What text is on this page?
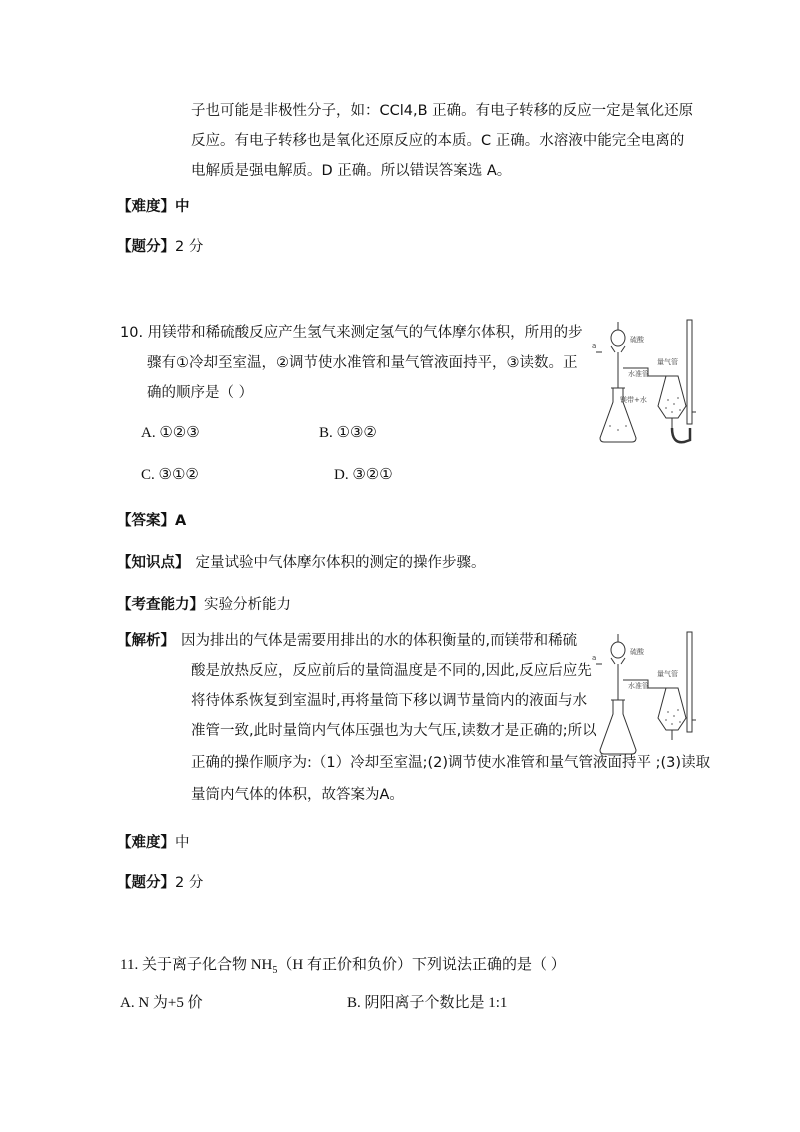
子也可能是非极性分子，如：CCl4,B 正确。有电子转移的反应一定是氧化还原
反应。有电子转移也是氧化还原反应的本质。C 正确。水溶液中能完全电离的
电解质是强电解质。D 正确。所以错误答案选 A。
【难度】中
【题分】2 分
10. 用镁带和稀硫酸反应产生氢气来测定氢气的气体摩尔体积，所用的步
骤有①冷却至室温，②调节使水准管和量气管液面持平，③读数。正
确的顺序是（ ）
A. ①②③	B. ①③②
C. ③①②	D. ③②①
【答案】A
【知识点】 定量试验中气体摩尔体积的测定的操作步骤。
【考查能力】实验分析能力
【解析】 因为排出的气体是需要用排出的水的体积衡量的,而镁带和稀硫
酸是放热反应，反应前后的量筒温度是不同的,因此,反应后应先
将待体系恢复到室温时,再将量筒下移以调节量筒内的液面与水
准管一致,此时量筒内气体压强也为大气压,读数才是正确的;所以
正确的操作顺序为:（1）冷却至室温;(2)调节使水准管和量气管液面持平 ;(3)读取
量筒内气体的体积，故答案为A。
【难度】中
【题分】2 分
11. 关于离子化合物 $NH_5(H$ 有正价和负价）下列说法正确的是（ ）
A. N 为+5 价	B. 阴阳离子个数比是 1:1
硫酸
量气管
水准管
镁带+水
a
硫酸
量气管
水准管
a
